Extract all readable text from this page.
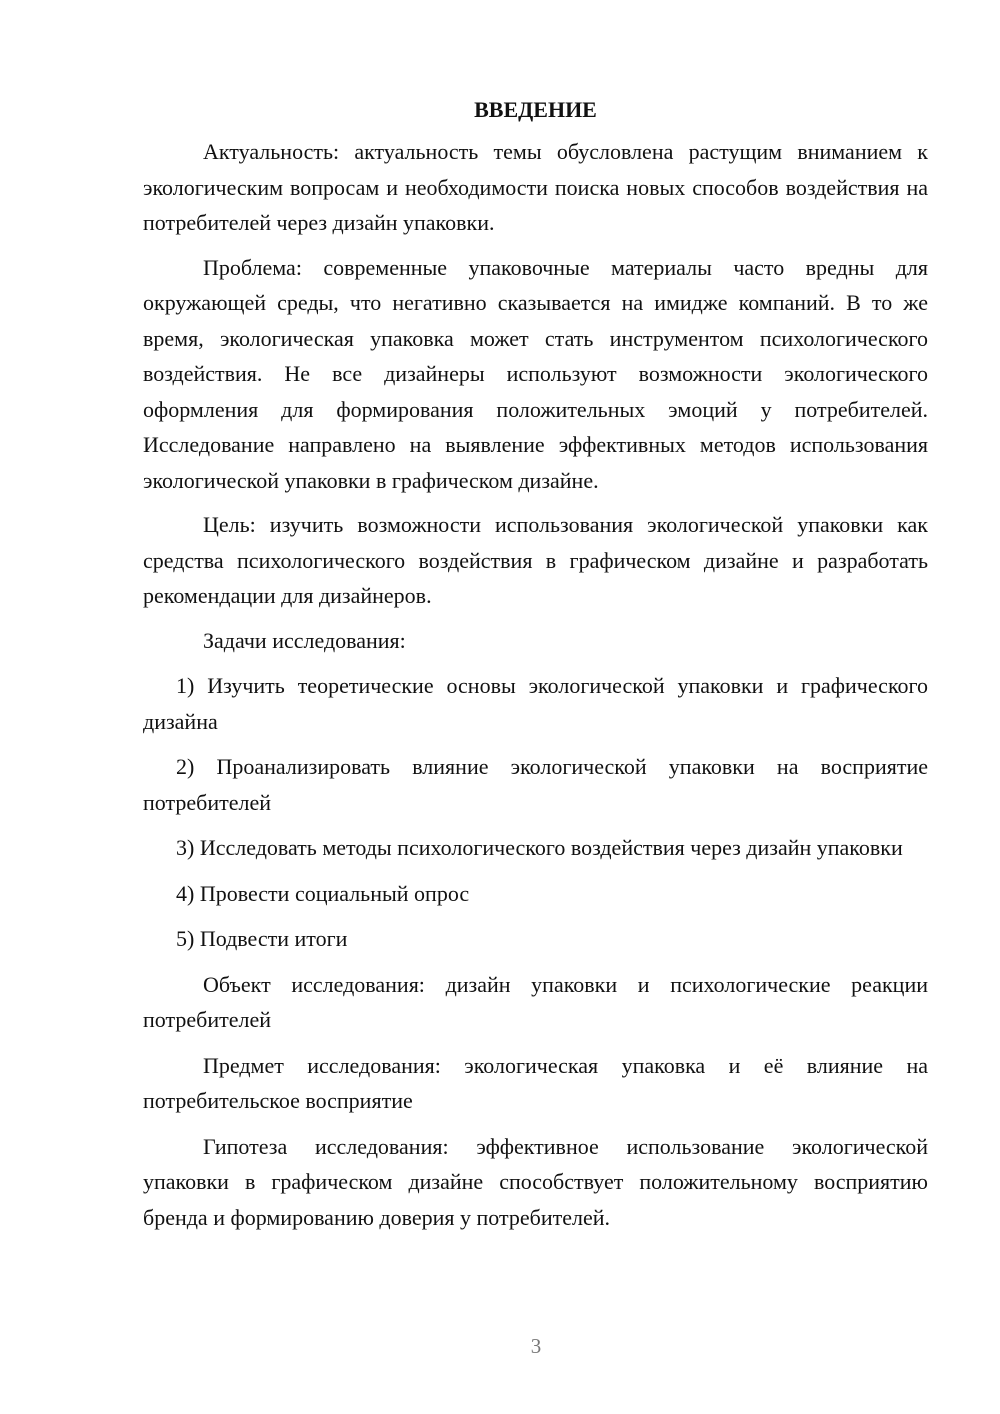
ВВЕДЕНИЕ

Актуальность: актуальность темы обусловлена растущим вниманием к экологическим вопросам и необходимости поиска новых способов воздействия на потребителей через дизайн упаковки.

Проблема: современные упаковочные материалы часто вредны для окружающей среды, что негативно сказывается на имидже компаний. В то же время, экологическая упаковка может стать инструментом психологического воздействия. Не все дизайнеры используют возможности экологического оформления для формирования положительных эмоций у потребителей. Исследование направлено на выявление эффективных методов использования экологической упаковки в графическом дизайне.

Цель: изучить возможности использования экологической упаковки как средства психологического воздействия в графическом дизайне и разработать рекомендации для дизайнеров.

Задачи исследования:

1) Изучить теоретические основы экологической упаковки и графического дизайна

2) Проанализировать влияние экологической упаковки на восприятие потребителей

3) Исследовать методы психологического воздействия через дизайн упаковки

4) Провести социальный опрос

5) Подвести итоги

Объект исследования: дизайн упаковки и психологические реакции потребителей

Предмет исследования: экологическая упаковка и её влияние на потребительское восприятие

Гипотеза исследования: эффективное использование экологической упаковки в графическом дизайне способствует положительному восприятию бренда и формированию доверия у потребителей.

3
